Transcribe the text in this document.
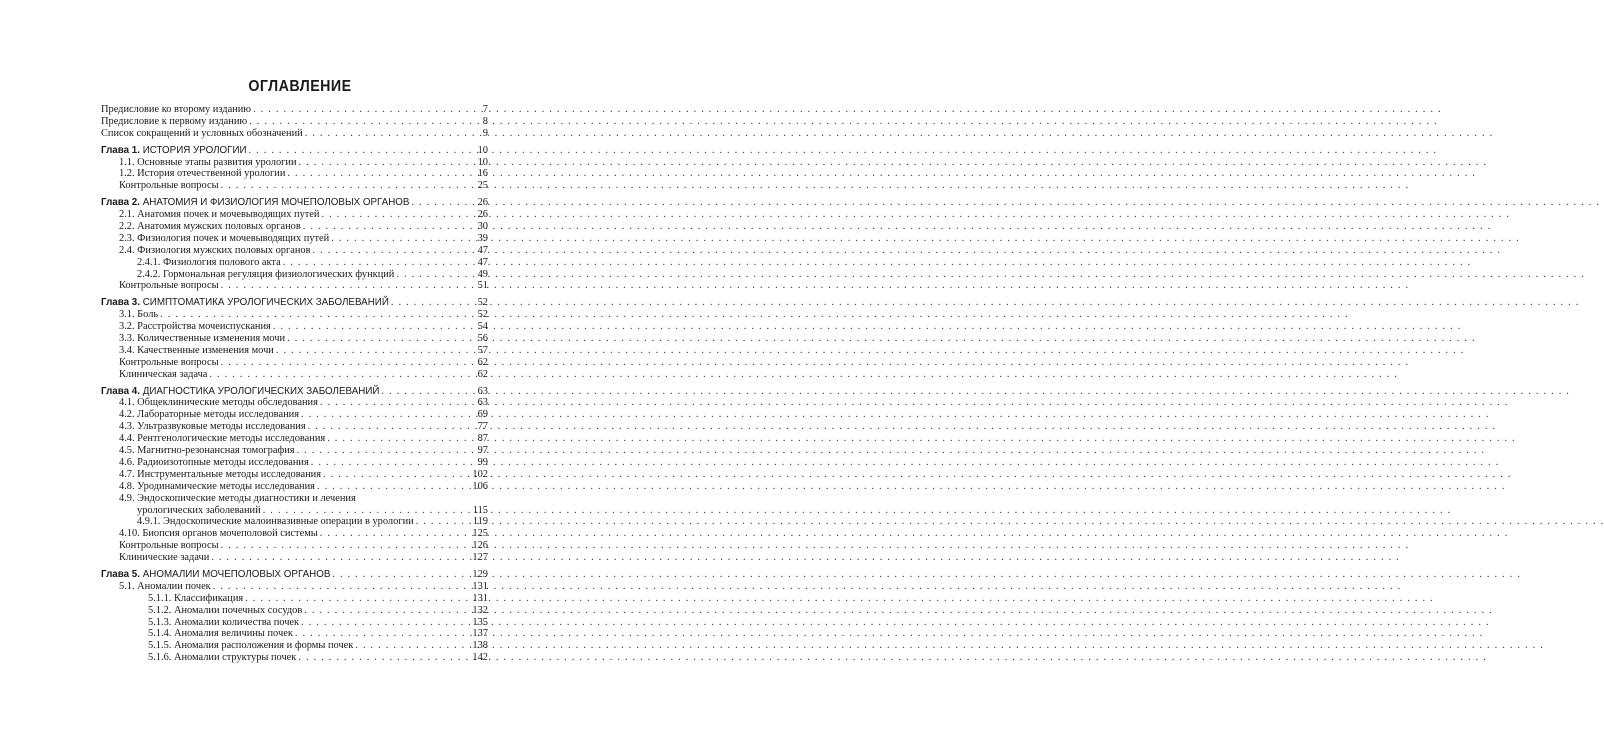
ОГЛАВЛЕНИЕ
Предисловие ко второму изданию . . .	7
Предисловие к первому изданию . . .	8
Список сокращений и условных обозначений . . .	9
Глава 1. ИСТОРИЯ УРОЛОГИИ . . .	10
1.1. Основные этапы развития урологии . . .	10
1.2. История отечественной урологии . . .	16
Контрольные вопросы . . .	25
Глава 2. АНАТОМИЯ И ФИЗИОЛОГИЯ МОЧЕПОЛОВЫХ ОРГАНОВ . . .	26
2.1. Анатомия почек и мочевыводящих путей . . .	26
2.2. Анатомия мужских половых органов . . .	30
2.3. Физиология почек и мочевыводящих путей . . .	39
2.4. Физиология мужских половых органов . . .	47
2.4.1. Физиология полового акта . . .	47
2.4.2. Гормональная регуляция физиологических функций . . .	49
Контрольные вопросы . . .	51
Глава 3. СИМПТОМАТИКА УРОЛОГИЧЕСКИХ ЗАБОЛЕВАНИЙ . . .	52
3.1. Боль . . .	52
3.2. Расстройства мочеиспускания . . .	54
3.3. Количественные изменения мочи . . .	56
3.4. Качественные изменения мочи . . .	57
Контрольные вопросы . . .	62
Клиническая задача . . .	62
Глава 4. ДИАГНОСТИКА УРОЛОГИЧЕСКИХ ЗАБОЛЕВАНИЙ . . .	63
4.1. Общеклинические методы обследования . . .	63
4.2. Лабораторные методы исследования . . .	69
4.3. Ультразвуковые методы исследования . . .	77
4.4. Рентгенологические методы исследования . . .	87
4.5. Магнитно-резонансная томография . . .	97
4.6. Радиоизотопные методы исследования . . .	99
4.7. Инструментальные методы исследования . . .	102
4.8. Уродинамические методы исследования . . .	106
4.9. Эндоскопические методы диагностики и лечения
урологических заболеваний . . .	115
4.9.1. Эндоскопические малоинвазивные операции в урологии . . .	119
4.10. Биопсия органов мочеполовой системы . . .	125
Контрольные вопросы . . .	126
Клинические задачи . . .	127
Глава 5. АНОМАЛИИ МОЧЕПОЛОВЫХ ОРГАНОВ . . .	129
5.1. Аномалии почек . . .	131
5.1.1. Классификация . . .	131
5.1.2. Аномалии почечных сосудов . . .	132
5.1.3. Аномалии количества почек . . .	135
5.1.4. Аномалия величины почек . . .	137
5.1.5. Аномалия расположения и формы почек . . .	138
5.1.6. Аномалии структуры почек . . .	142
